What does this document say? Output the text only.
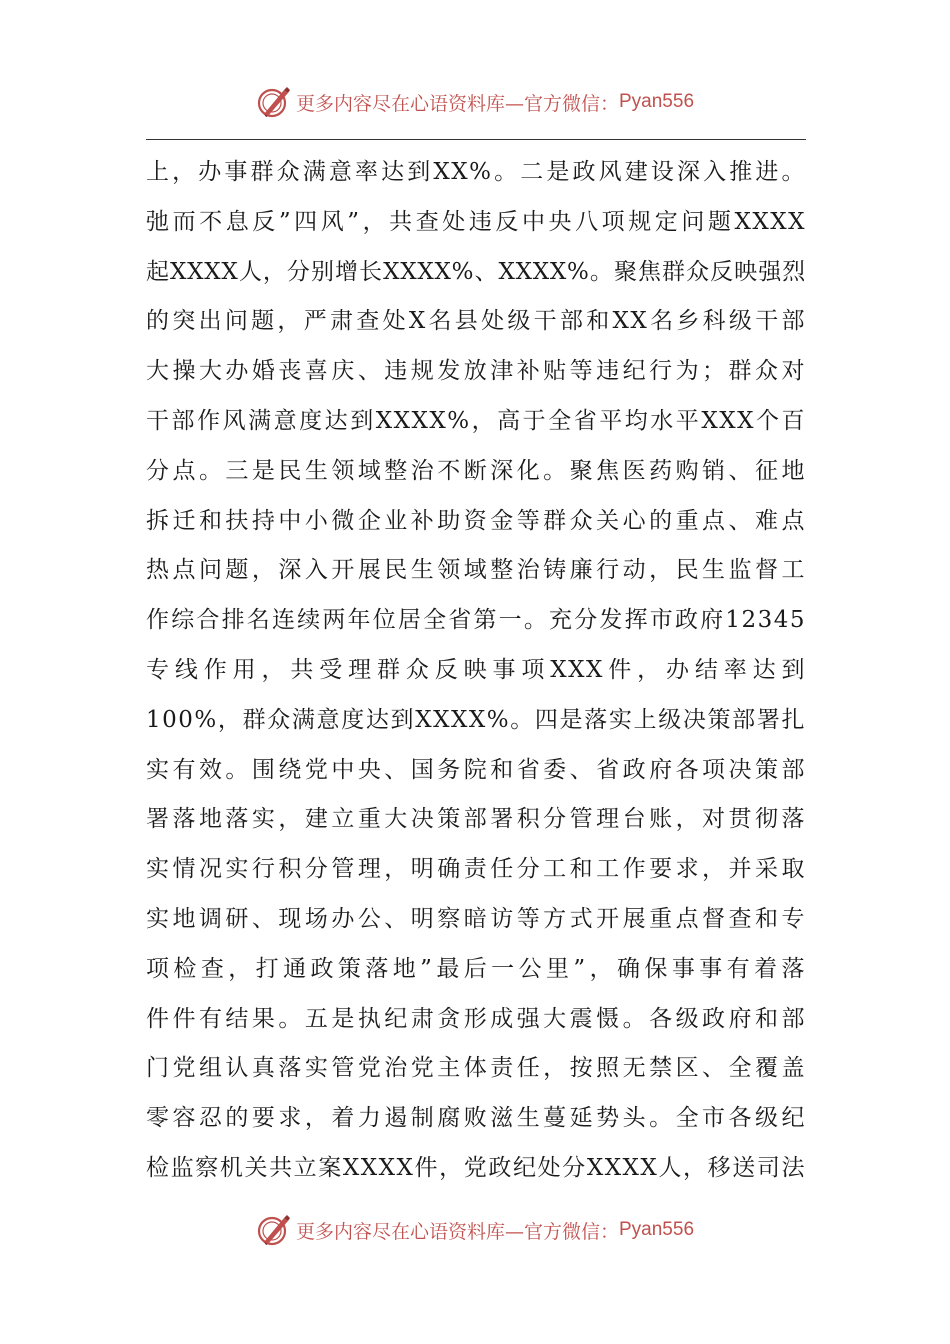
更多内容尽在心语资料库 —官方微信： Pyan556
上，办事群众满意率达到XX%。二是政风建设深入推进。
弛而不息反”四风”，共查处违反中央八项规定问题XXXX
起XXXX人，分别增长XXXX%、XXXX%。聚焦群众反映强烈
的突出问题，严肃查处X名县处级干部和XX名乡科级干部
大操大办婚丧喜庆、违规发放津补贴等违纪行为；群众对
干部作风满意度达到XXXX%，高于全省平均水平XXX个百
分点。三是民生领域整治不断深化。聚焦医药购销、征地
拆迁和扶持中小微企业补助资金等群众关心的重点、难点
热点问题，深入开展民生领域整治铸廉行动，民生监督工
作综合排名连续两年位居全省第一。充分发挥市政府12345
专线作用，共受理群众反映事项XXX件，办结率达到
100%，群众满意度达到XXXX%。四是落实上级决策部署扎
实有效。围绕党中央、国务院和省委、省政府各项决策部
署落地落实，建立重大决策部署积分管理台账，对贯彻落
实情况实行积分管理，明确责任分工和工作要求，并采取
实地调研、现场办公、明察暗访等方式开展重点督查和专
项检查，打通政策落地”最后一公里”，确保事事有着落
件件有结果。五是执纪肃贪形成强大震慑。各级政府和部
门党组认真落实管党治党主体责任，按照无禁区、全覆盖
零容忍的要求，着力遏制腐败滋生蔓延势头。全市各级纪
检监察机关共立案XXXX件，党政纪处分XXXX人，移送司法
更多内容尽在心语资料库 —官方微信： Pyan556
